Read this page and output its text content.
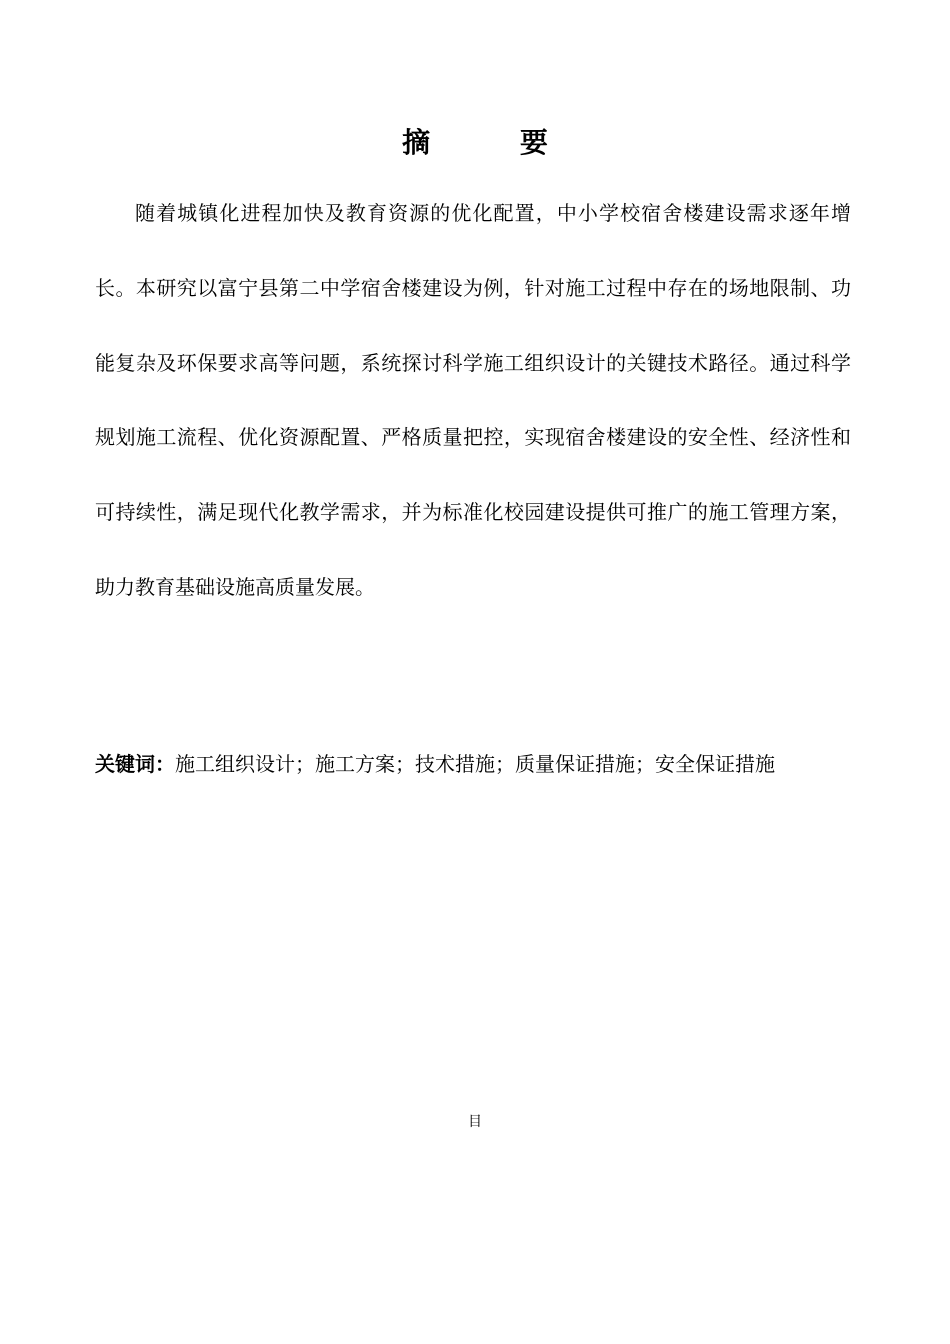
摘 要

随着城镇化进程加快及教育资源的优化配置，中小学校宿舍楼建设需求逐年增长。本研究以富宁县第二中学宿舍楼建设为例，针对施工过程中存在的场地限制、功能复杂及环保要求高等问题，系统探讨科学施工组织设计的关键技术路径。通过科学规划施工流程、优化资源配置、严格质量把控，实现宿舍楼建设的安全性、经济性和可持续性，满足现代化教学需求，并为标准化校园建设提供可推广的施工管理方案，助力教育基础设施高质量发展。

关键词：施工组织设计；施工方案；技术措施；质量保证措施；安全保证措施

目
